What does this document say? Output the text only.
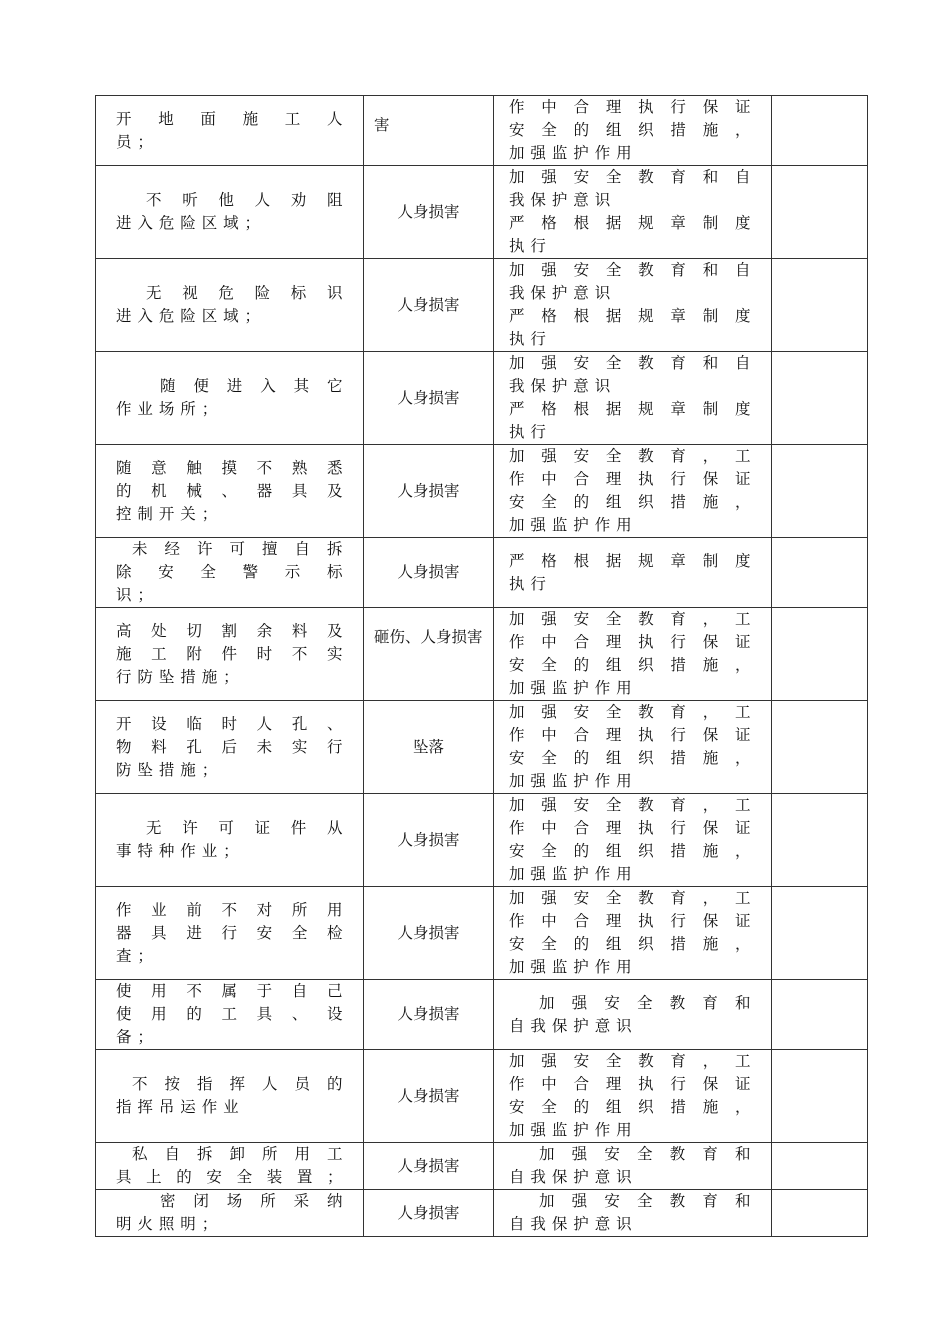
开 地 面 施 工 人
员 ；	害	作 中 合 理 执 行 保 证
安 全 的 组 织 措 施 ，
加 强 监 护 作 用	

不 听 他 人 劝 阻
进 入 危 险 区 域 ；	人身损害	加 强 安 全 教 育 和 自
我 保 护 意 识
严 格 根 据 规 章 制 度
执 行	

无 视 危 险 标 识
进 入 危 险 区 域 ；	人身损害	加 强 安 全 教 育 和 自
我 保 护 意 识
严 格 根 据 规 章 制 度
执 行	

随 便 进 入 其 它
作 业 场 所 ；	人身损害	加 强 安 全 教 育 和 自
我 保 护 意 识
严 格 根 据 规 章 制 度
执 行	

随 意 触 摸 不 熟 悉
的 机 械 、 器 具 及
控 制 开 关 ；	人身损害	加 强 安 全 教 育 ， 工
作 中 合 理 执 行 保 证
安 全 的 组 织 措 施 ，
加 强 监 护 作 用	

未 经 许 可 擅 自 拆
除 安 全 警 示 标
识 ；	人身损害	严 格 根 据 规 章 制 度
执 行	

高 处 切 割 余 料 及
施 工 附 件 时 不 实
行 防 坠 措 施 ；	砸伤、人身损害	加 强 安 全 教 育 ， 工
作 中 合 理 执 行 保 证
安 全 的 组 织 措 施 ，
加 强 监 护 作 用	

开 设 临 时 人 孔 、
物 料 孔 后 未 实 行
防 坠 措 施 ；	坠落	加 强 安 全 教 育 ， 工
作 中 合 理 执 行 保 证
安 全 的 组 织 措 施 ，
加 强 监 护 作 用	

无 许 可 证 件 从
事 特 种 作 业 ；	人身损害	加 强 安 全 教 育 ， 工
作 中 合 理 执 行 保 证
安 全 的 组 织 措 施 ，
加 强 监 护 作 用	

作 业 前 不 对 所 用
器 具 进 行 安 全 检
查 ；	人身损害	加 强 安 全 教 育 ， 工
作 中 合 理 执 行 保 证
安 全 的 组 织 措 施 ，
加 强 监 护 作 用	

使 用 不 属 于 自 己
使 用 的 工 具 、 设
备 ；	人身损害	加 强 安 全 教 育 和
自 我 保 护 意 识	

不 按 指 挥 人 员 的
指 挥 吊 运 作 业	人身损害	加 强 安 全 教 育 ， 工
作 中 合 理 执 行 保 证
安 全 的 组 织 措 施 ，
加 强 监 护 作 用	

私 自 拆 卸 所 用 工
具 上 的 安 全 装 置 ；	人身损害	加 强 安 全 教 育 和
自 我 保 护 意 识	

密 闭 场 所 采 纳
明 火 照 明 ；	人身损害	加 强 安 全 教 育 和
自 我 保 护 意 识	
